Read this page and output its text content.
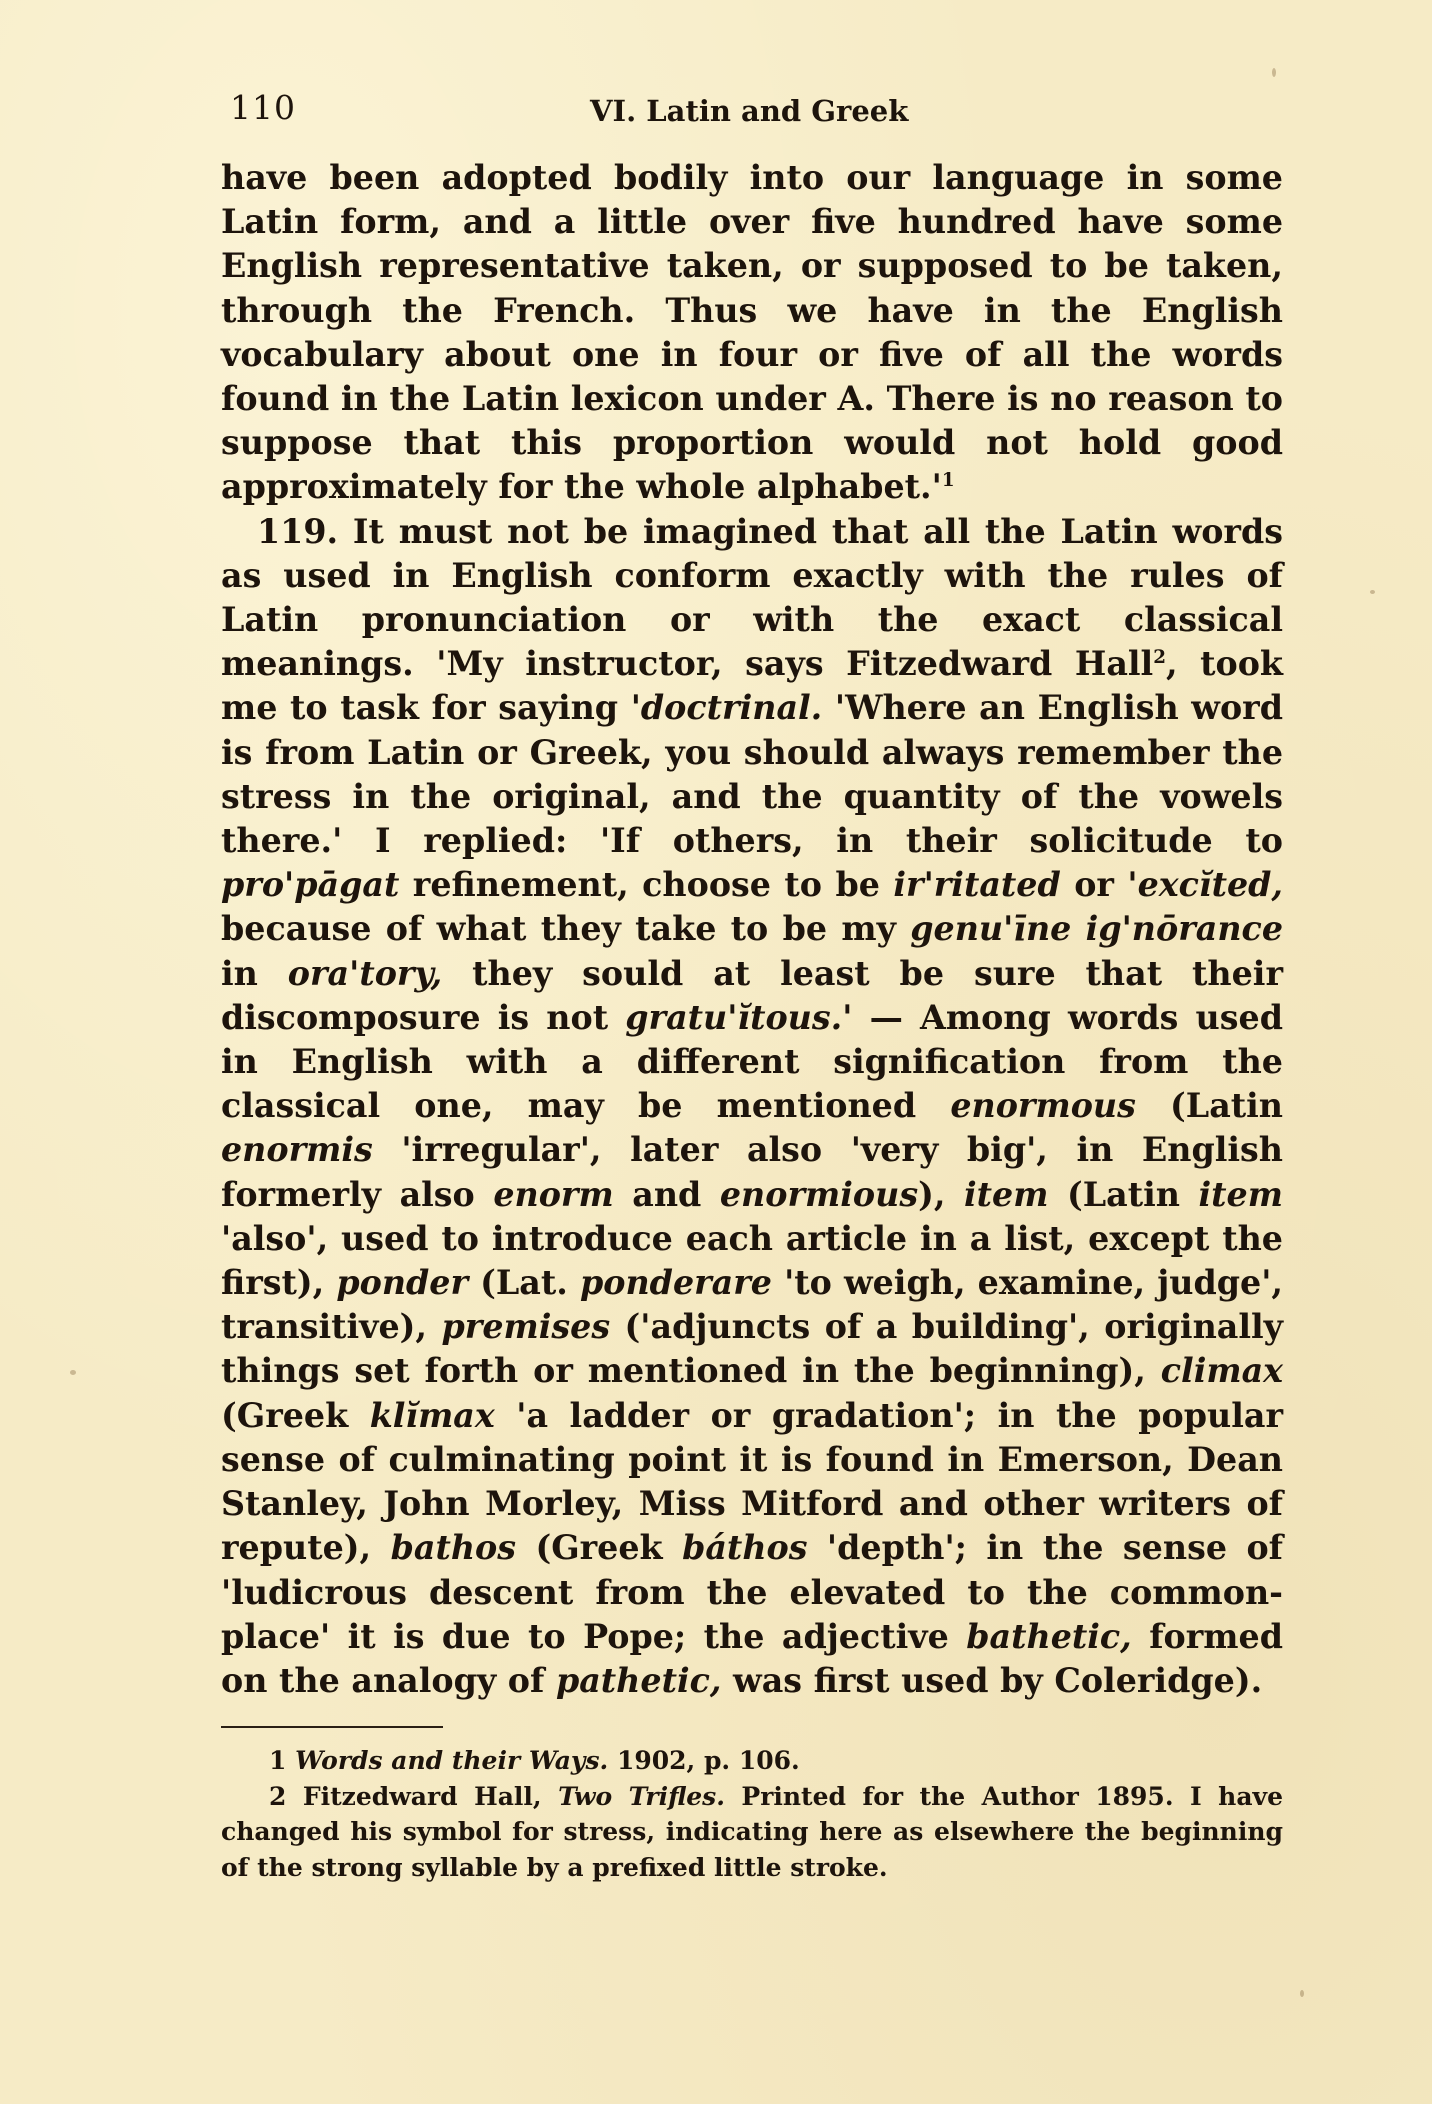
110	VI. Latin and Greek

have been adopted bodily into our language in some Latin form, and a little over five hundred have some English representative taken, or supposed to be taken, through the French. Thus we have in the English vocabulary about one in four or five of all the words found in the Latin lexicon under A. There is no reason to suppose that this proportion would not hold good approximately for the whole $alphabet.'^1$

119. It must not be imagined that all the Latin words as used in English conform exactly with the rules of Latin pronunciation or with the exact classical meanings. 'My instructor, says Fitzedward Hall$^2$, took me to task for saying 'doctrinal. 'Where an English word is from Latin or Greek, you should always remember the stress in the original, and the quantity of the vowels there.' I replied: 'If others, in their solicitude to pro'pāgat refinement, choose to be ir'ritated or 'excĭted, because of what they take to be my genu'īne ig'nōrance in ora'tory, they sould at least be sure that their discomposure is not gratu'ĭtous.' — Among words used in English with a different signification from the classical one, may be mentioned enormous (Latin enormis 'irregular', later also 'very big', in English formerly also enorm and enormious), item (Latin item 'also', used to introduce each article in a list, except the first), ponder (Lat. ponderare 'to weigh, examine, judge', transitive), premises ('adjuncts of a building', originally things set forth or mentioned in the beginning), climax (Greek klĭmax 'a ladder or gradation'; in the popular sense of culminating point it is found in Emerson, Dean Stanley, John Morley, Miss Mitford and other writers of repute), bathos (Greek báthos 'depth'; in the sense of 'ludicrous descent from the elevated to the commonplace' it is due to Pope; the adjective bathetic, formed on the analogy of pathetic, was first used by Coleridge).

1 Words and their Ways. 1902, p. 106.

2 Fitzedward Hall, Two Trifles. Printed for the Author 1895. I have changed his symbol for stress, indicating here as elsewhere the beginning of the strong syllable by a prefixed little stroke.
